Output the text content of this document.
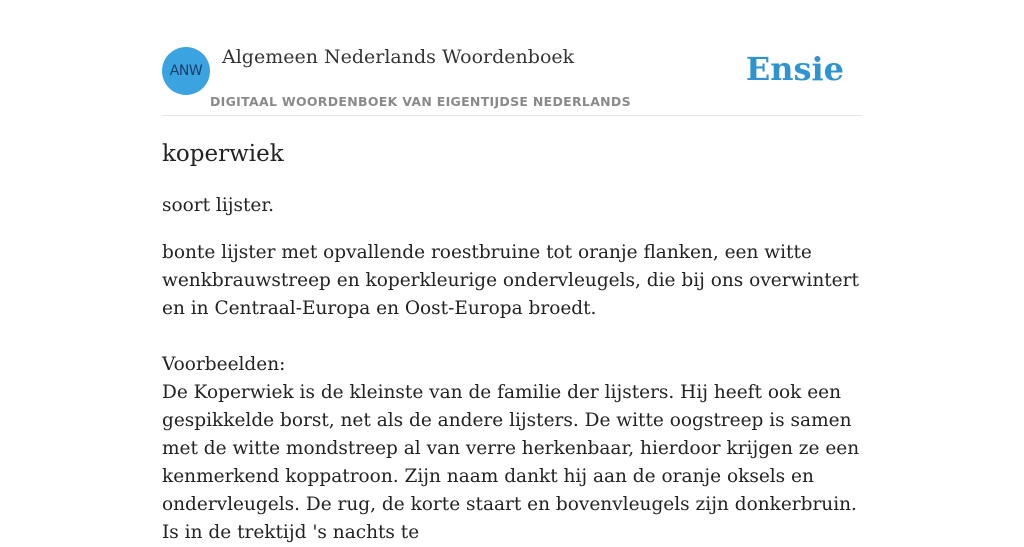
ANW
Algemeen Nederlands Woordenboek
DIGITAAL WOORDENBOEK VAN EIGENTIJDSE NEDERLANDS
Ensie
koperwiek

soort lijster.

bonte lijster met opvallende roestbruine tot oranje flanken, een witte wenkbrauwstreep en koperkleurige ondervleugels, die bij ons overwintert en in Centraal-Europa en Oost-Europa broedt.

Voorbeelden:

De Koperwiek is de kleinste van de familie der lijsters. Hij heeft ook een gespikkelde borst, net als de andere lijsters. De witte oogstreep is samen met de witte mondstreep al van verre herkenbaar, hierdoor krijgen ze een kenmerkend koppatroon. Zijn naam dankt hij aan de oranje oksels en ondervleugels. De rug, de korte staart en bovenvleugels zijn donkerbruin. Is in de trektijd 's nachts te
